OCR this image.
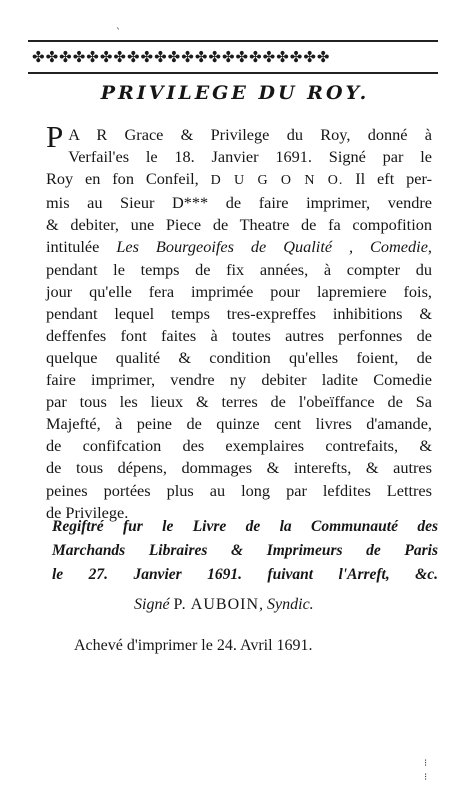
✤✤✤✤✤✤✤✤✤✤✤✤✤✤✤✤✤✤✤✤✤✤
`
PRIVILEGE DU ROY.
P A R Grace & Privilege du Roy, donné à
Verfail'es le 18. Janvier 1691. Signé par le
Roy en fon Confeil, D U G O N O. Il eft per-
mis au Sieur D*** de faire imprimer, vendre
& debiter, une Piece de Theatre de fa compofition
intitulée Les Bourgeoifes de Qualité , Comedie,
pendant le temps de fix années, à compter du
jour qu'elle fera imprimée pour lapremiere fois,
pendant lequel temps tres-expreffes inhibitions &
deffenfes font faites à toutes autres perfonnes de
quelque qualité & condition qu'elles foient, de
faire imprimer, vendre ny debiter ladite Comedie
par tous les lieux & terres de l'obeïffance de Sa
Majefté, à peine de quinze cent livres d'amande,
de confifcation des exemplaires contrefaits, &
de tous dépens, dommages & interefts, & autres
peines portées plus au long par lefdites Lettres
de Privilege.
Regiftré fur le Livre de la Communauté des
Marchands Libraires & Imprimeurs de Paris
le 27. Janvier 1691. fuivant l'Arreft, &c.
Signé P. AUBOIN, Syndic.
Achevé d'imprimer le 24. Avril 1691.
⁝
⁝
